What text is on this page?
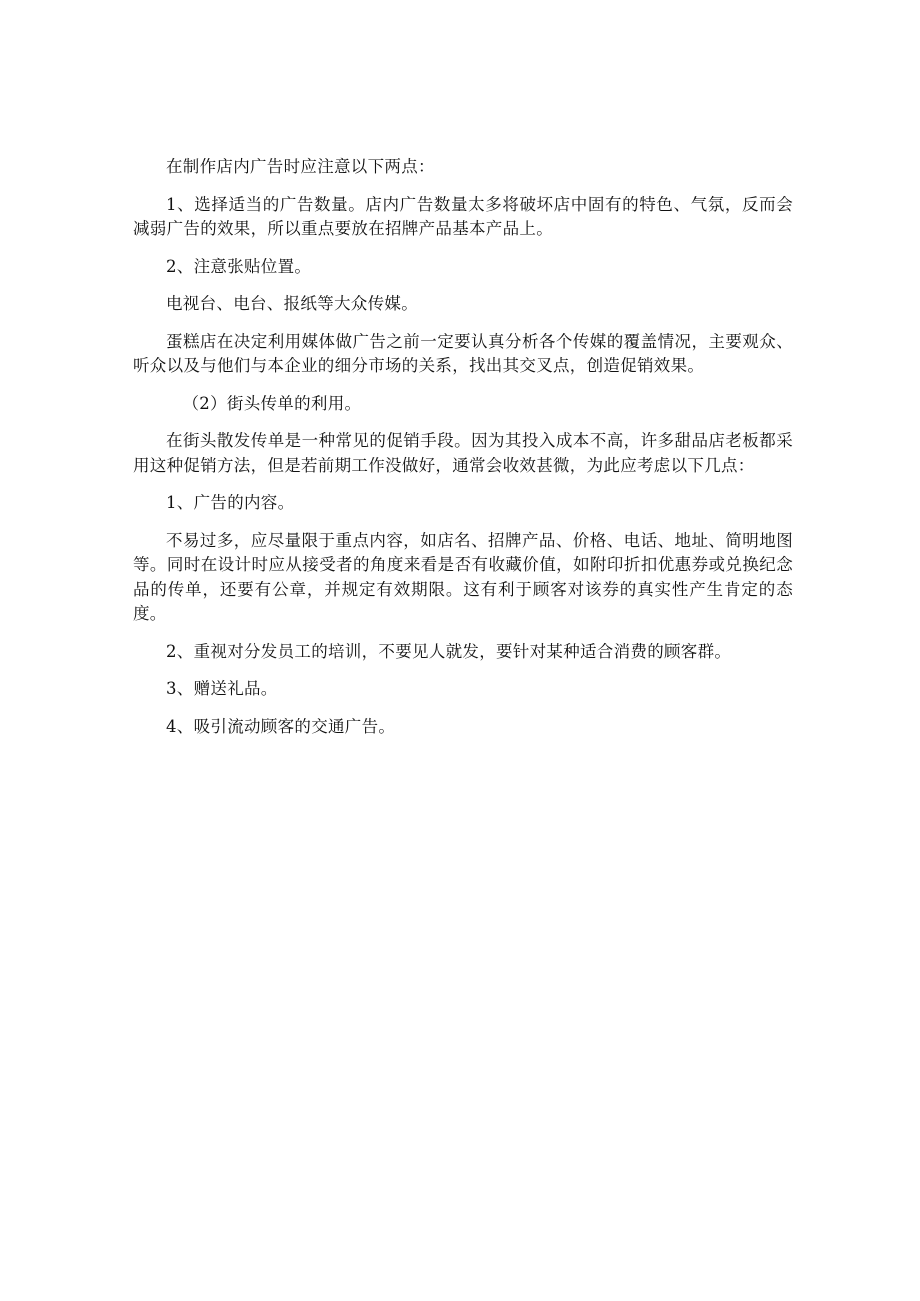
在制作店内广告时应注意以下两点：

1、选择适当的广告数量。店内广告数量太多将破坏店中固有的特色、气氛，反而会减弱广告的效果，所以重点要放在招牌产品基本产品上。

2、注意张贴位置。

电视台、电台、报纸等大众传媒。

蛋糕店在决定利用媒体做广告之前一定要认真分析各个传媒的覆盖情况，主要观众、听众以及与他们与本企业的细分市场的关系，找出其交叉点，创造促销效果。

（2）街头传单的利用。

在街头散发传单是一种常见的促销手段。因为其投入成本不高，许多甜品店老板都采用这种促销方法，但是若前期工作没做好，通常会收效甚微，为此应考虑以下几点：

1、广告的内容。

不易过多，应尽量限于重点内容，如店名、招牌产品、价格、电话、地址、简明地图等。同时在设计时应从接受者的角度来看是否有收藏价值，如附印折扣优惠券或兑换纪念品的传单，还要有公章，并规定有效期限。这有利于顾客对该券的真实性产生肯定的态度。

2、重视对分发员工的培训，不要见人就发，要针对某种适合消费的顾客群。

3、赠送礼品。

4、吸引流动顾客的交通广告。
